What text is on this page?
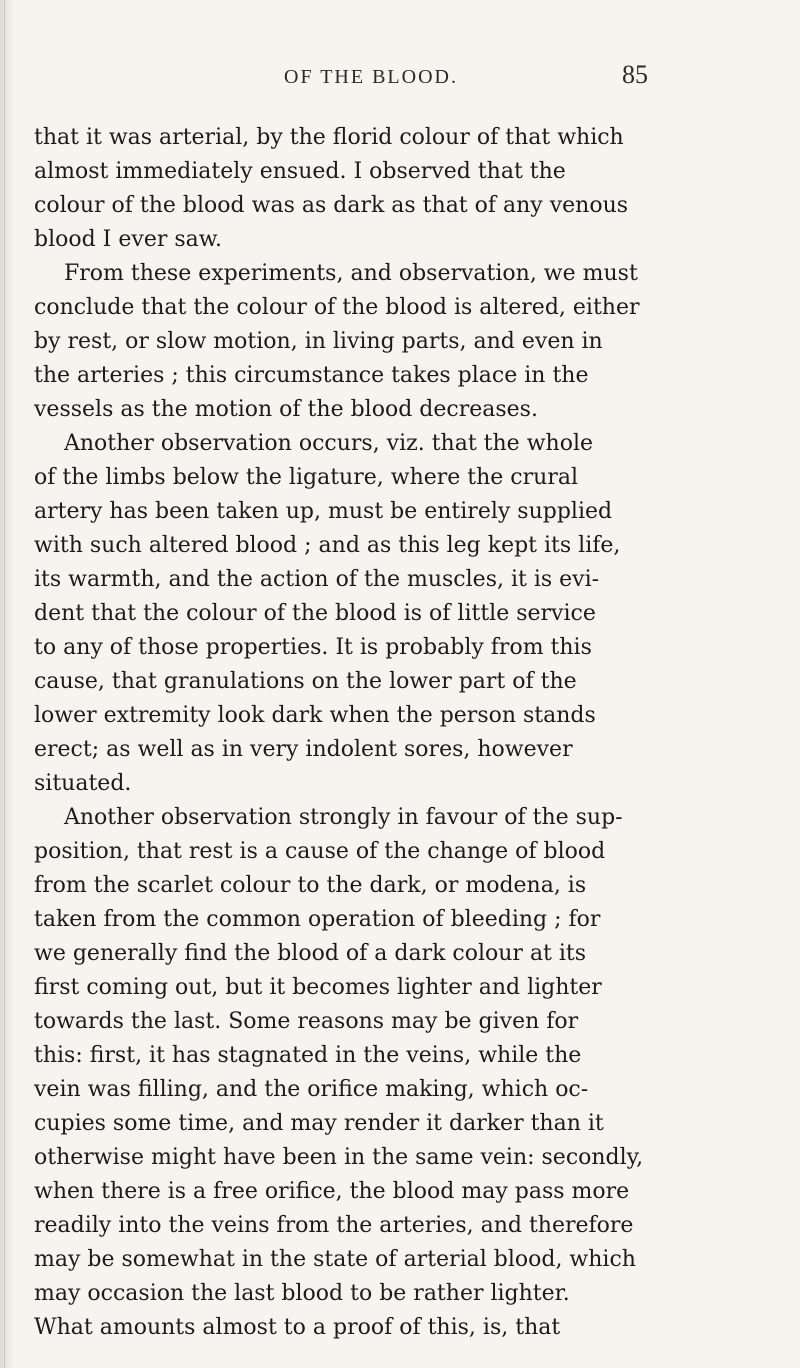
OF THE BLOOD.	85
that it was arterial, by the florid colour of that which
almost immediately ensued. I observed that the
colour of the blood was as dark as that of any venous
blood I ever saw.
From these experiments, and observation, we must
conclude that the colour of the blood is altered, either
by rest, or slow motion, in living parts, and even in
the arteries ; this circumstance takes place in the
vessels as the motion of the blood decreases.
Another observation occurs, viz. that the whole
of the limbs below the ligature, where the crural
artery has been taken up, must be entirely supplied
with such altered blood ; and as this leg kept its life,
its warmth, and the action of the muscles, it is evi-
dent that the colour of the blood is of little service
to any of those properties. It is probably from this
cause, that granulations on the lower part of the
lower extremity look dark when the person stands
erect; as well as in very indolent sores, however
situated.
Another observation strongly in favour of the sup-
position, that rest is a cause of the change of blood
from the scarlet colour to the dark, or modena, is
taken from the common operation of bleeding ; for
we generally find the blood of a dark colour at its
first coming out, but it becomes lighter and lighter
towards the last. Some reasons may be given for
this: first, it has stagnated in the veins, while the
vein was filling, and the orifice making, which oc-
cupies some time, and may render it darker than it
otherwise might have been in the same vein: secondly,
when there is a free orifice, the blood may pass more
readily into the veins from the arteries, and therefore
may be somewhat in the state of arterial blood, which
may occasion the last blood to be rather lighter.
What amounts almost to a proof of this, is, that
